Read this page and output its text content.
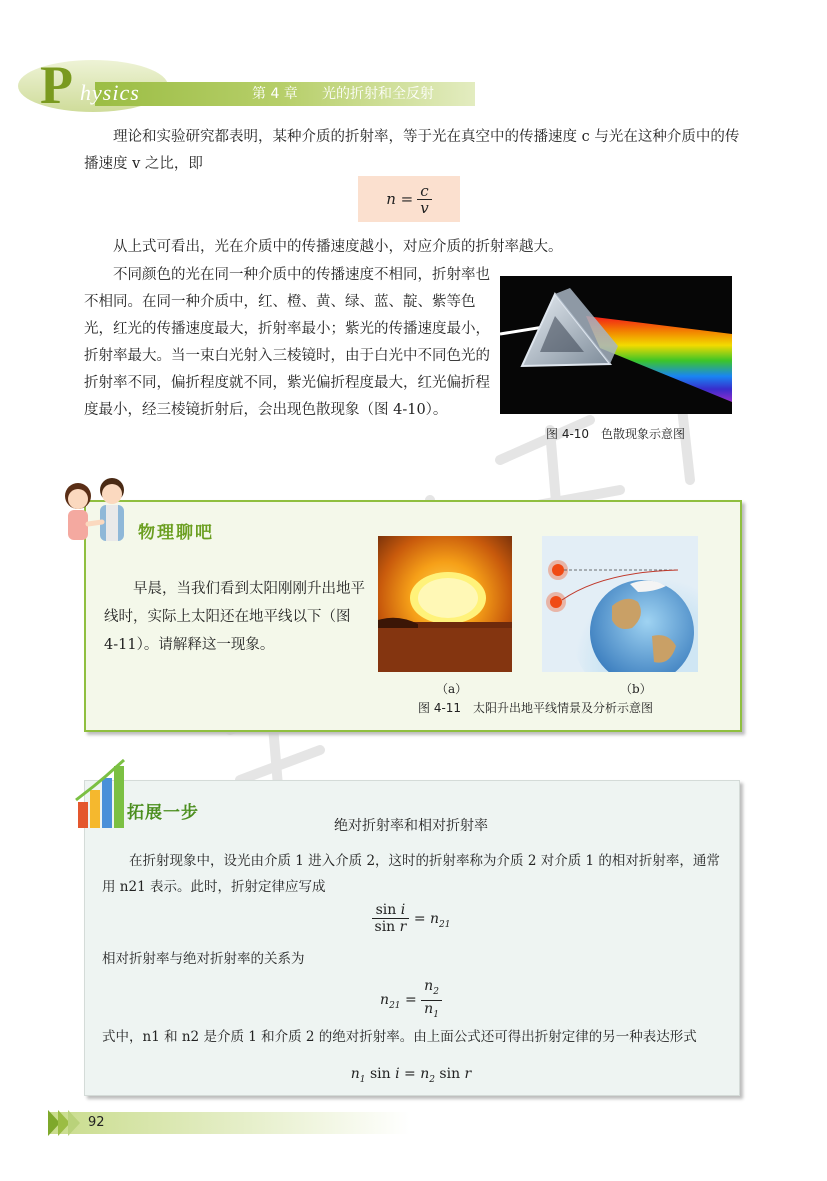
P hysics	第 4 章 光的折射和全反射

理论和实验研究都表明，某种介质的折射率，等于光在真空中的传播速度 c 与光在这种介质中的传播速度 v 之比，即

$n = \frac{c}{v}$

从上式可看出，光在介质中的传播速度越小，对应介质的折射率越大。

不同颜色的光在同一种介质中的传播速度不相同，折射率也不相同。在同一种介质中，红、橙、黄、绿、蓝、靛、紫等色光，红光的传播速度最大，折射率最小；紫光的传播速度最小，折射率最大。当一束白光射入三棱镜时，由于白光中不同色光的折射率不同，偏折程度就不同，紫光偏折程度最大，红光偏折程度最小，经三棱镜折射后，会出现色散现象（图 4-10）。

图 4-10　色散现象示意图
物理聊吧

早晨，当我们看到太阳刚刚升出地平线时，实际上太阳还在地平线以下（图 4-11）。请解释这一现象。

（a）	（b）
图 4-11　太阳升出地平线情景及分析示意图
拓展一步
绝对折射率和相对折射率

在折射现象中，设光由介质 1 进入介质 2，这时的折射率称为介质 2 对介质 1 的相对折射率，通常用 n21 表示。此时，折射定律应写成

$\frac{\text{sin i}}{\text{sin r}} = n_{21}$

相对折射率与绝对折射率的关系为

$n_{21} = \frac{n_2}{n_1}$

式中，n1 和 n2 是介质 1 和介质 2 的绝对折射率。由上面公式还可得出折射定律的另一种表达形式

$n_1$ $\sin i = n_2$ sin r
92
